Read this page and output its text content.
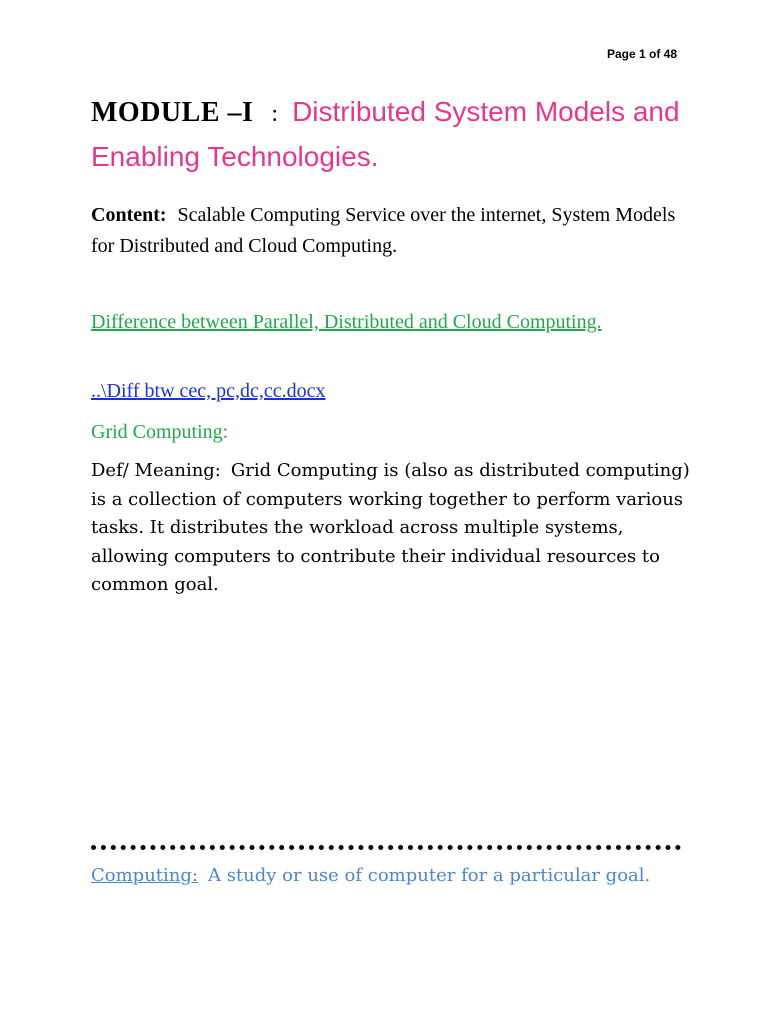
Page 1 of 48
MODULE –I : Distributed System Models and Enabling Technologies.
Content: Scalable Computing Service over the internet, System Models for Distributed and Cloud Computing.
Difference between Parallel, Distributed and Cloud Computing.
..\Diff btw cec, pc,dc,cc.docx
Grid Computing:
Def/ Meaning: Grid Computing is (also as distributed computing) is a collection of computers working together to perform various tasks. It distributes the workload across multiple systems, allowing computers to contribute their individual resources to common goal.
Computing: A study or use of computer for a particular goal.
